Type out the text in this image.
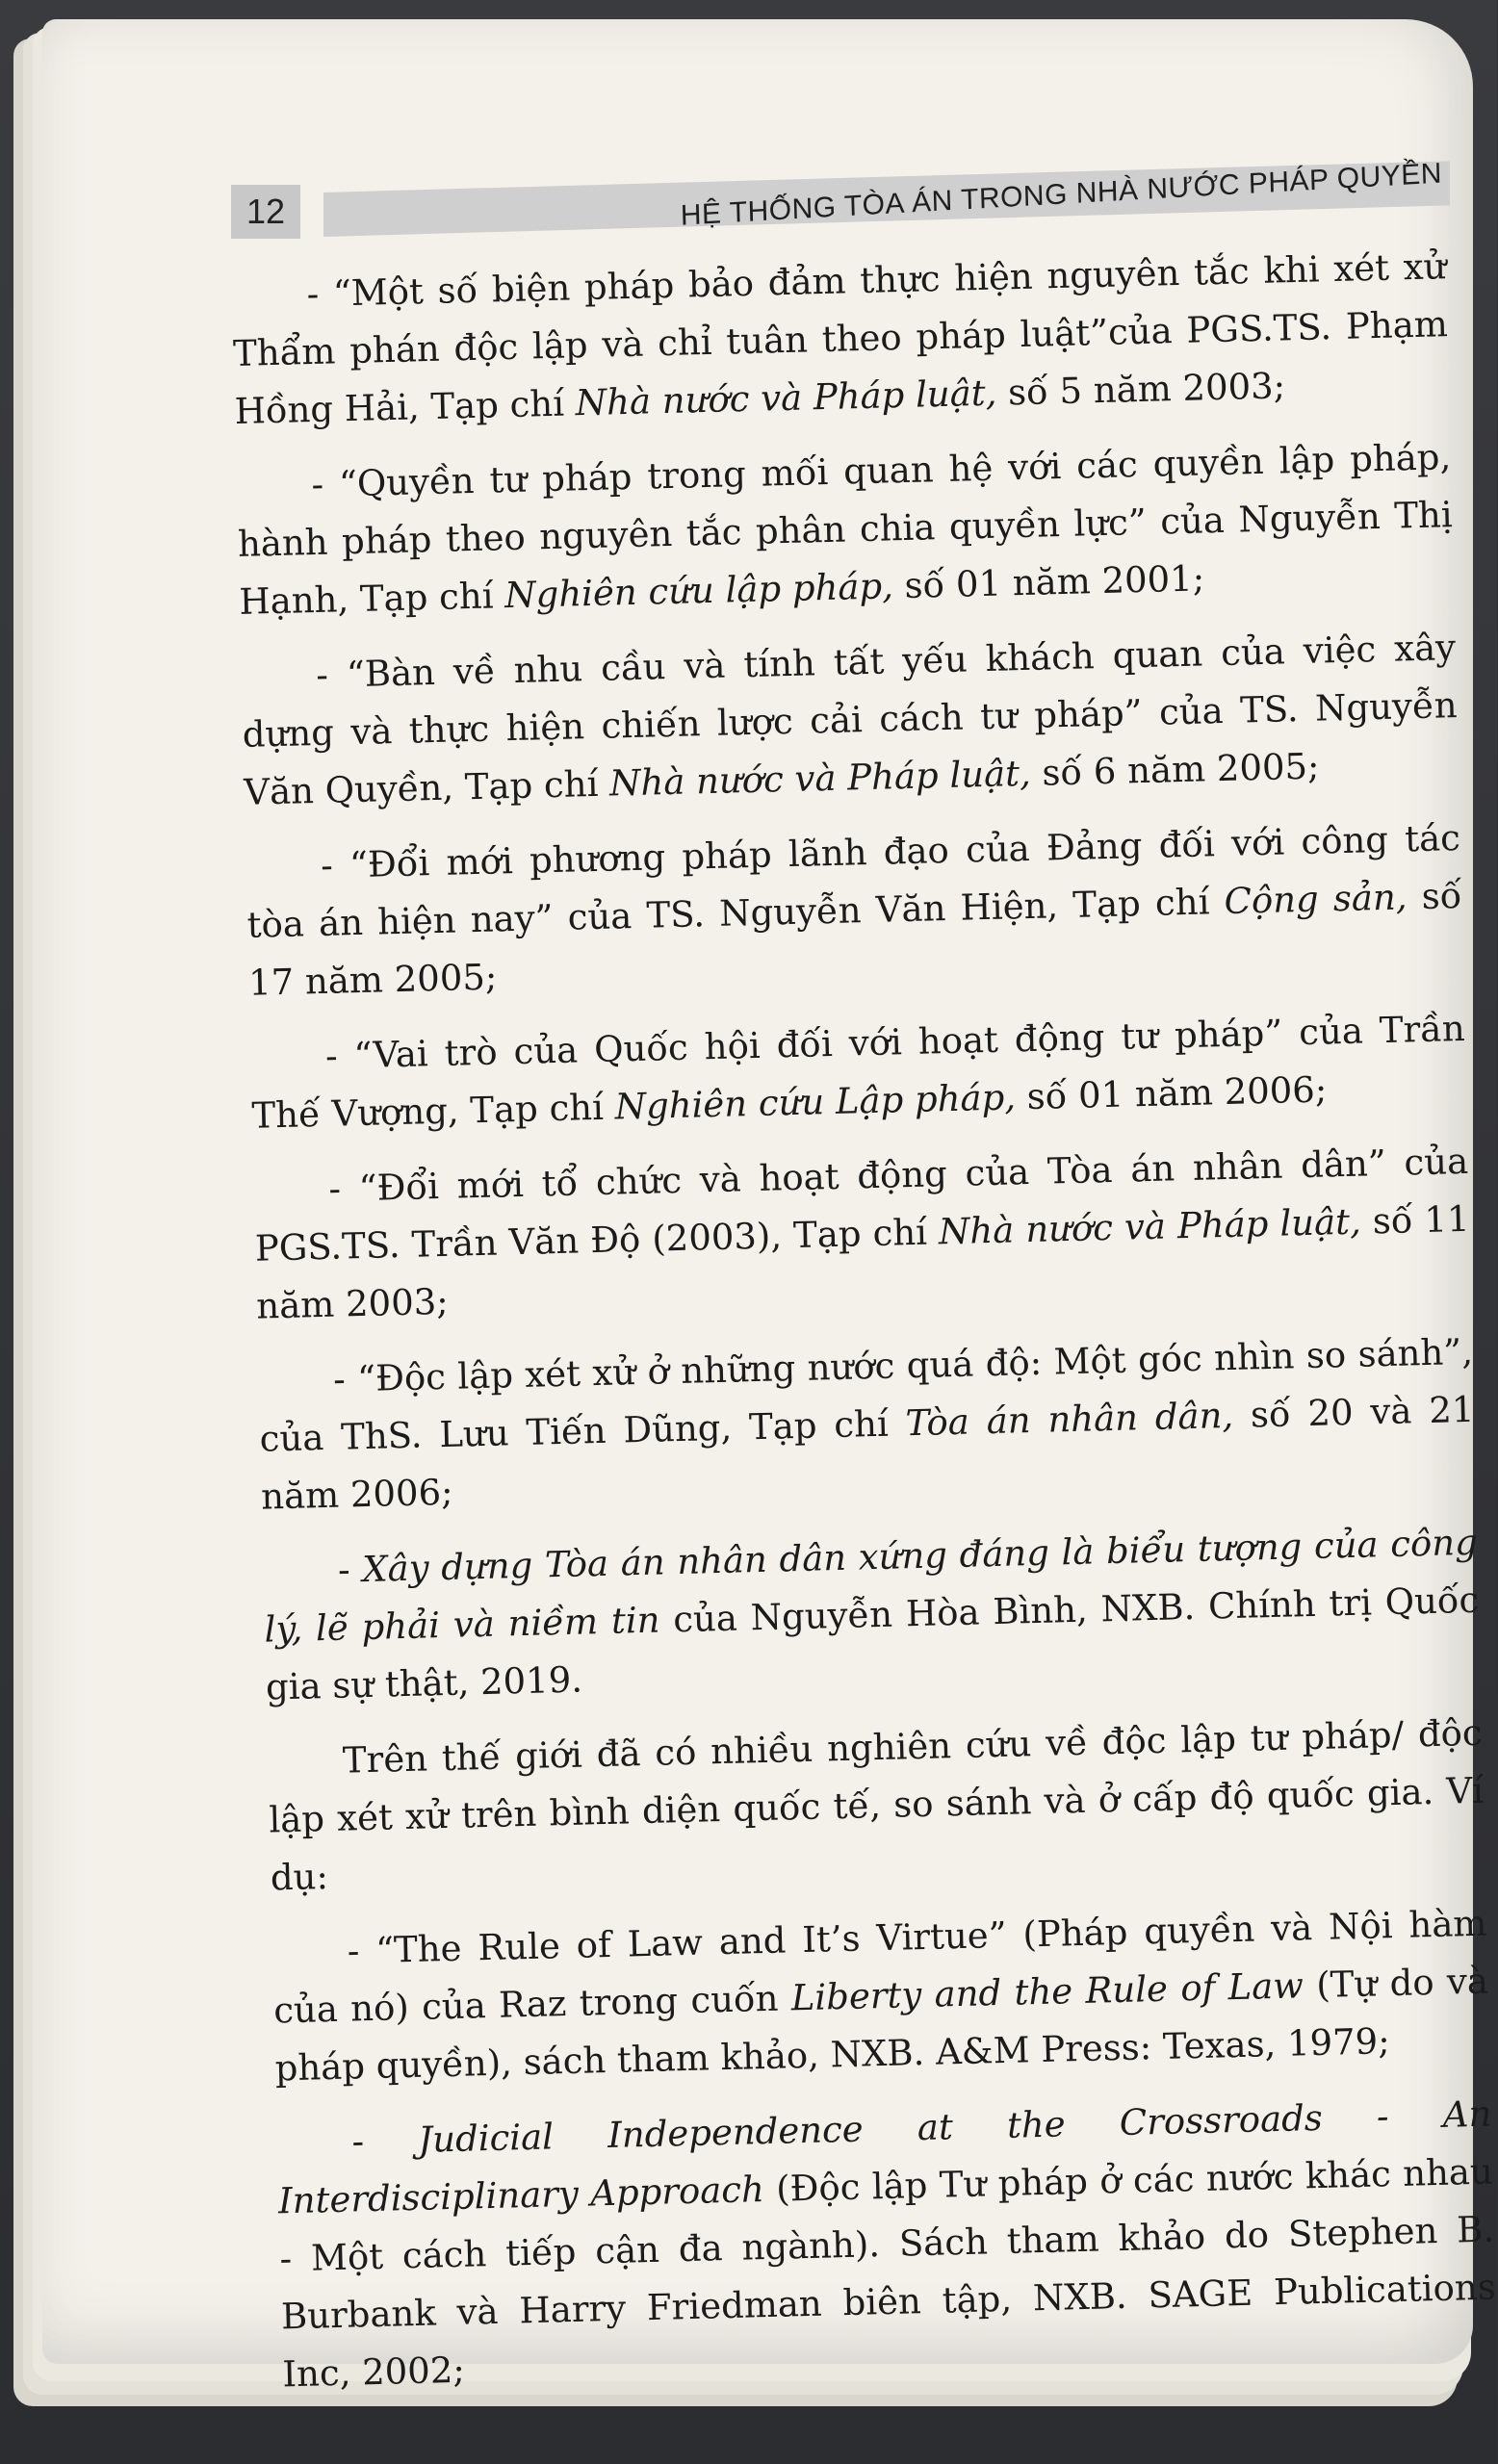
12	HỆ THỐNG TÒA ÁN TRONG NHÀ NƯỚC PHÁP QUYỀN

- “Một số biện pháp bảo đảm thực hiện nguyên tắc khi xét xử Thẩm phán độc lập và chỉ tuân theo pháp luật”của PGS.TS. Phạm Hồng Hải, Tạp chí Nhà nước và Pháp luật, số 5 năm 2003;

- “Quyền tư pháp trong mối quan hệ với các quyền lập pháp, hành pháp theo nguyên tắc phân chia quyền lực” của Nguyễn Thị Hạnh, Tạp chí Nghiên cứu lập pháp, số 01 năm 2001;

- “Bàn về nhu cầu và tính tất yếu khách quan của việc xây dựng và thực hiện chiến lược cải cách tư pháp” của TS. Nguyễn Văn Quyền, Tạp chí Nhà nước và Pháp luật, số 6 năm 2005;

- “Đổi mới phương pháp lãnh đạo của Đảng đối với công tác tòa án hiện nay” của TS. Nguyễn Văn Hiện, Tạp chí Cộng sản, số 17 năm 2005;

- “Vai trò của Quốc hội đối với hoạt động tư pháp” của Trần Thế Vượng, Tạp chí Nghiên cứu Lập pháp, số 01 năm 2006;

- “Đổi mới tổ chức và hoạt động của Tòa án nhân dân” của PGS.TS. Trần Văn Độ (2003), Tạp chí Nhà nước và Pháp luật, số 11 năm 2003;

- “Độc lập xét xử ở những nước quá độ: Một góc nhìn so sánh”, của ThS. Lưu Tiến Dũng, Tạp chí Tòa án nhân dân, số 20 và 21 năm 2006;

- Xây dựng Tòa án nhân dân xứng đáng là biểu tượng của công lý, lẽ phải và niềm tin của Nguyễn Hòa Bình, NXB. Chính trị Quốc gia sự thật, 2019.

Trên thế giới đã có nhiều nghiên cứu về độc lập tư pháp/ độc lập xét xử trên bình diện quốc tế, so sánh và ở cấp độ quốc gia. Ví dụ:

- “The Rule of Law and It’s Virtue” (Pháp quyền và Nội hàm của nó) của Raz trong cuốn Liberty and the Rule of Law (Tự do và pháp quyền), sách tham khảo, NXB. A&M Press: Texas, 1979;

- Judicial Independence at the Crossroads - An Interdisciplinary Approach (Độc lập Tư pháp ở các nước khác nhau - Một cách tiếp cận đa ngành). Sách tham khảo do Stephen B. Burbank và Harry Friedman biên tập, NXB. SAGE Publications Inc, 2002;
